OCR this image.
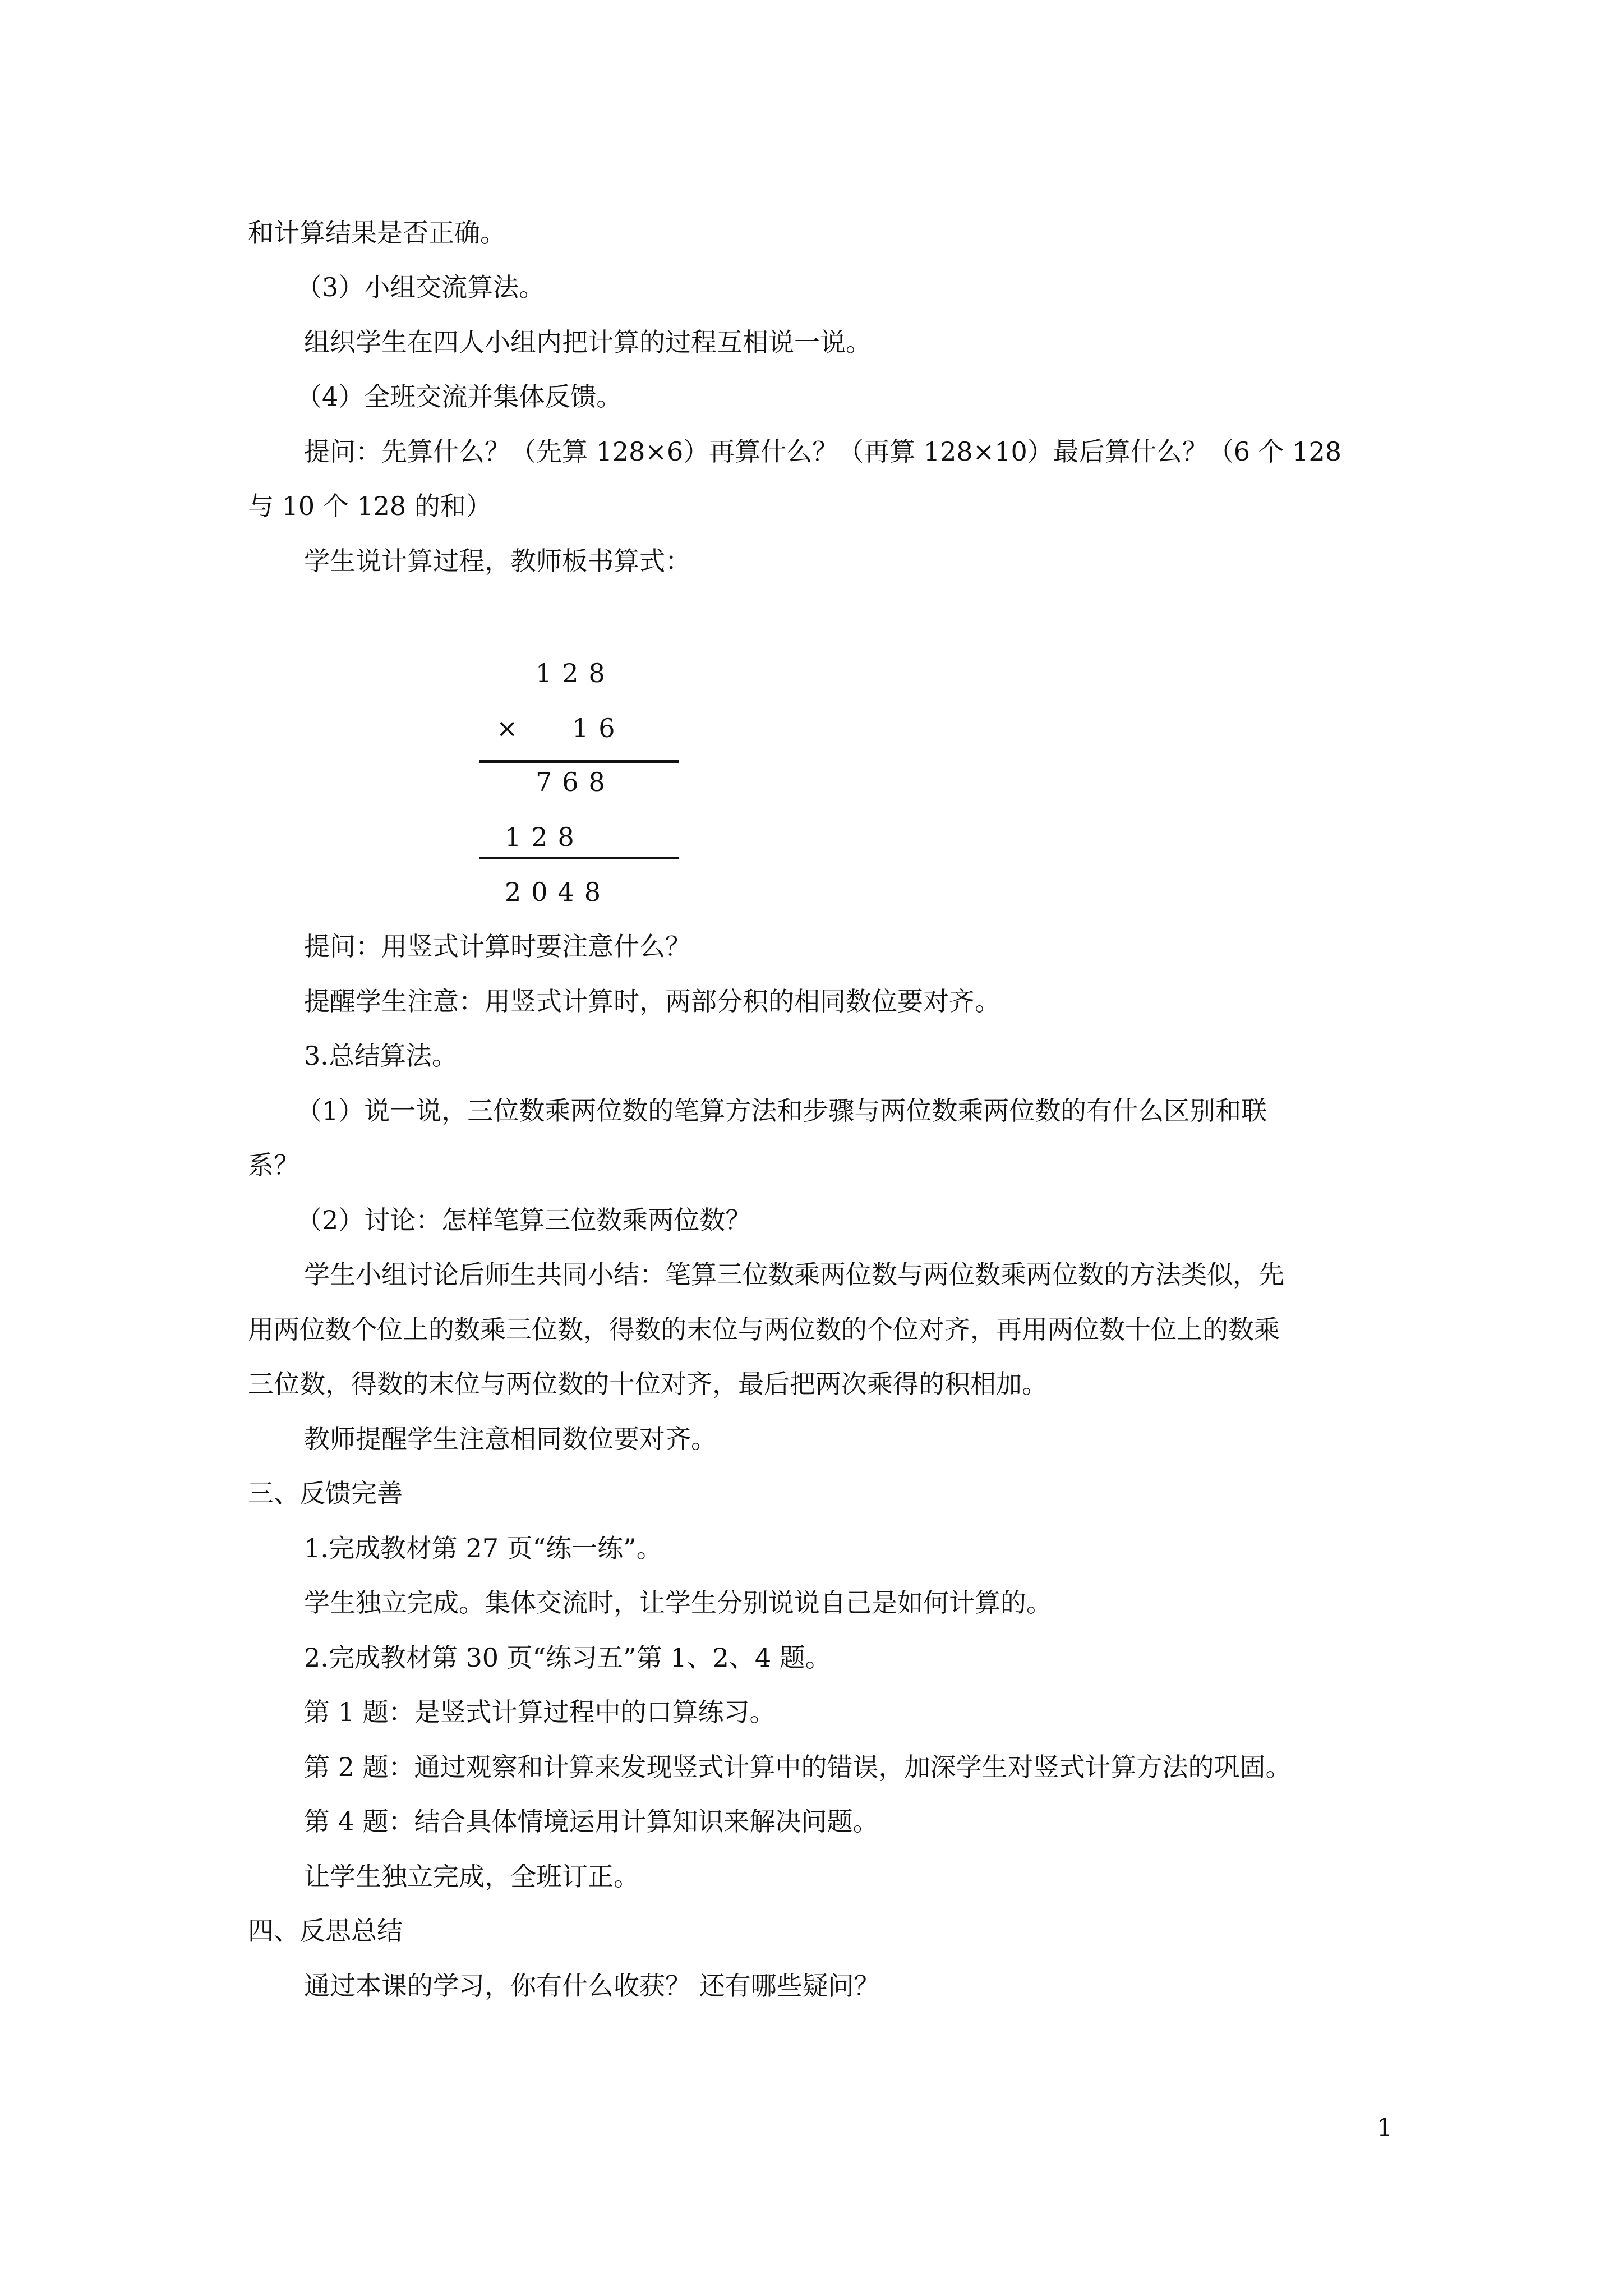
和计算结果是否正确。
（3）小组交流算法。
组织学生在四人小组内把计算的过程互相说一说。
（4）全班交流并集体反馈。
提问：先算什么？（先算 128×6）再算什么？（再算 128×10）最后算什么？（6 个 128
与 10 个 128 的和）
学生说计算过程，教师板书算式：
128
× 16
768
128
2048
提问：用竖式计算时要注意什么？
提醒学生注意：用竖式计算时，两部分积的相同数位要对齐。
3.总结算法。
（1）说一说，三位数乘两位数的笔算方法和步骤与两位数乘两位数的有什么区别和联
系？
（2）讨论：怎样笔算三位数乘两位数？
学生小组讨论后师生共同小结：笔算三位数乘两位数与两位数乘两位数的方法类似，先
用两位数个位上的数乘三位数，得数的末位与两位数的个位对齐，再用两位数十位上的数乘
三位数，得数的末位与两位数的十位对齐，最后把两次乘得的积相加。
教师提醒学生注意相同数位要对齐。
三、反馈完善
1.完成教材第 27 页“练一练”。
学生独立完成。集体交流时，让学生分别说说自己是如何计算的。
2.完成教材第 30 页“练习五”第 1、2、4 题。
第 1 题：是竖式计算过程中的口算练习。
第 2 题：通过观察和计算来发现竖式计算中的错误，加深学生对竖式计算方法的巩固。
第 4 题：结合具体情境运用计算知识来解决问题。
让学生独立完成，全班订正。
四、反思总结
通过本课的学习，你有什么收获？ 还有哪些疑问？
1
